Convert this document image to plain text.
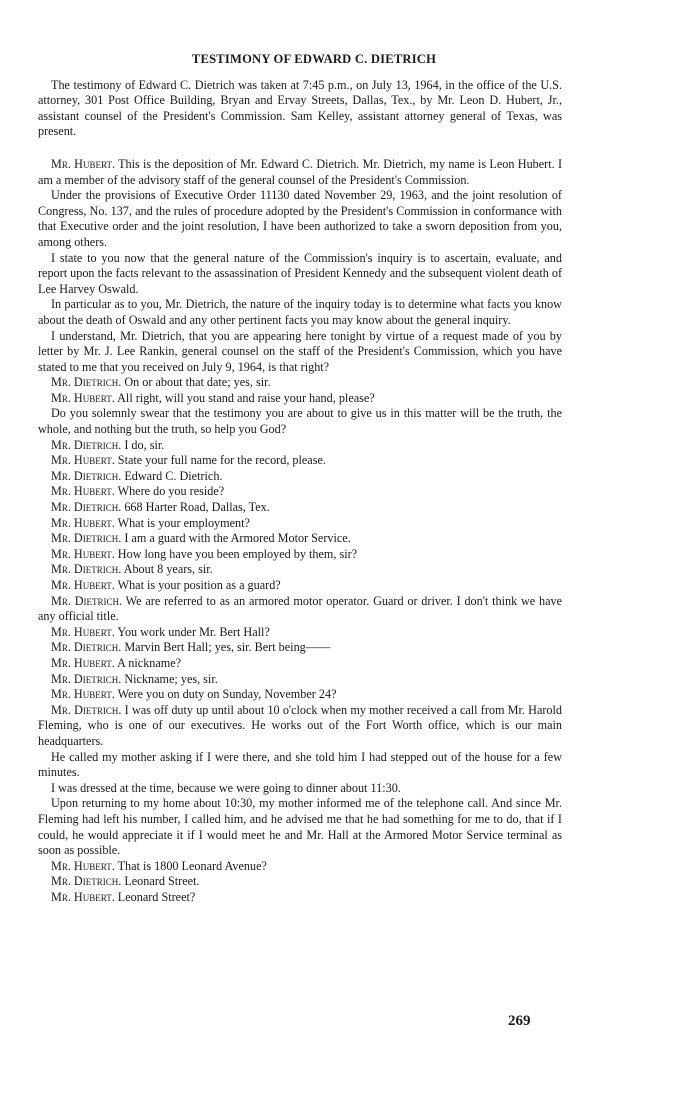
TESTIMONY OF EDWARD C. DIETRICH

The testimony of Edward C. Dietrich was taken at 7:45 p.m., on July 13, 1964, in the office of the U.S. attorney, 301 Post Office Building, Bryan and Ervay Streets, Dallas, Tex., by Mr. Leon D. Hubert, Jr., assistant counsel of the President's Commission. Sam Kelley, assistant attorney general of Texas, was present.

Mr. Hubert. This is the deposition of Mr. Edward C. Dietrich. Mr. Dietrich, my name is Leon Hubert. I am a member of the advisory staff of the general counsel of the President's Commission.

Under the provisions of Executive Order 11130 dated November 29, 1963, and the joint resolution of Congress, No. 137, and the rules of procedure adopted by the President's Commission in conformance with that Executive order and the joint resolution, I have been authorized to take a sworn deposition from you, among others.

I state to you now that the general nature of the Commission's inquiry is to ascertain, evaluate, and report upon the facts relevant to the assassination of President Kennedy and the subsequent violent death of Lee Harvey Oswald.

In particular as to you, Mr. Dietrich, the nature of the inquiry today is to determine what facts you know about the death of Oswald and any other pertinent facts you may know about the general inquiry.

I understand, Mr. Dietrich, that you are appearing here tonight by virtue of a request made of you by letter by Mr. J. Lee Rankin, general counsel on the staff of the President's Commission, which you have stated to me that you received on July 9, 1964, is that right?

Mr. Dietrich. On or about that date; yes, sir.

Mr. Hubert. All right, will you stand and raise your hand, please?

Do you solemnly swear that the testimony you are about to give us in this matter will be the truth, the whole, and nothing but the truth, so help you God?

Mr. Dietrich. I do, sir.

Mr. Hubert. State your full name for the record, please.

Mr. Dietrich. Edward C. Dietrich.

Mr. Hubert. Where do you reside?

Mr. Dietrich. 668 Harter Road, Dallas, Tex.

Mr. Hubert. What is your employment?

Mr. Dietrich. I am a guard with the Armored Motor Service.

Mr. Hubert. How long have you been employed by them, sir?

Mr. Dietrich. About 8 years, sir.

Mr. Hubert. What is your position as a guard?

Mr. Dietrich. We are referred to as an armored motor operator. Guard or driver. I don't think we have any official title.

Mr. Hubert. You work under Mr. Bert Hall?

Mr. Dietrich. Marvin Bert Hall; yes, sir. Bert being——

Mr. Hubert. A nickname?

Mr. Dietrich. Nickname; yes, sir.

Mr. Hubert. Were you on duty on Sunday, November 24?

Mr. Dietrich. I was off duty up until about 10 o'clock when my mother received a call from Mr. Harold Fleming, who is one of our executives. He works out of the Fort Worth office, which is our main headquarters.

He called my mother asking if I were there, and she told him I had stepped out of the house for a few minutes.

I was dressed at the time, because we were going to dinner about 11:30.

Upon returning to my home about 10:30, my mother informed me of the telephone call. And since Mr. Fleming had left his number, I called him, and he advised me that he had something for me to do, that if I could, he would appreciate it if I would meet he and Mr. Hall at the Armored Motor Service terminal as soon as possible.

Mr. Hubert. That is 1800 Leonard Avenue?

Mr. Dietrich. Leonard Street.

Mr. Hubert. Leonard Street?

269
